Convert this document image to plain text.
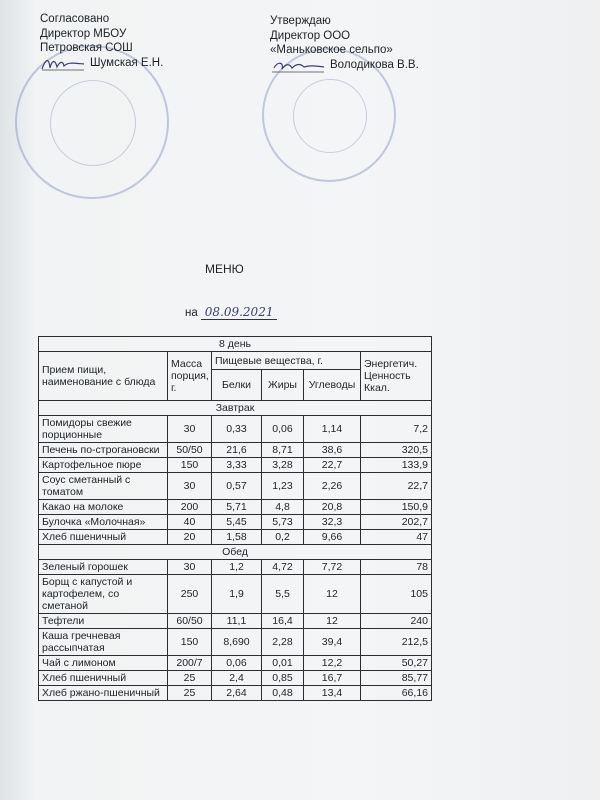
Согласовано
Директор МБОУ
Петровская СОШ
Шумская Е.Н.
Утверждаю
Директор ООО
«Маньковское сельпо»
Володикова В.В.
МЕНЮ
на 08.09.2021
8 день					
Прием пищи, наименование с блюда	Масса порция, г.	Пищевые вещества, г.			Энергетич. Ценность Ккал.
		Белки	Жиры	Углеводы	
Завтрак					
Помидоры свежие порционные	30	0,33	0,06	1,14	7,2
Печень по-строгановски	50/50	21,6	8,71	38,6	320,5
Картофельное пюре	150	3,33	3,28	22,7	133,9
Соус сметанный с томатом	30	0,57	1,23	2,26	22,7
Какао на молоке	200	5,71	4,8	20,8	150,9
Булочка «Молочная»	40	5,45	5,73	32,3	202,7
Хлеб пшеничный	20	1,58	0,2	9,66	47
Обед					
Зеленый горошек	30	1,2	4,72	7,72	78
Борщ с капустой и картофелем, со сметаной	250	1,9	5,5	12	105
Тефтели	60/50	11,1	16,4	12	240
Каша гречневая рассыпчатая	150	8,690	2,28	39,4	212,5
Чай с лимоном	200/7	0,06	0,01	12,2	50,27
Хлеб пшеничный	25	2,4	0,85	16,7	85,77
Хлеб ржано-пшеничный	25	2,64	0,48	13,4	66,16
